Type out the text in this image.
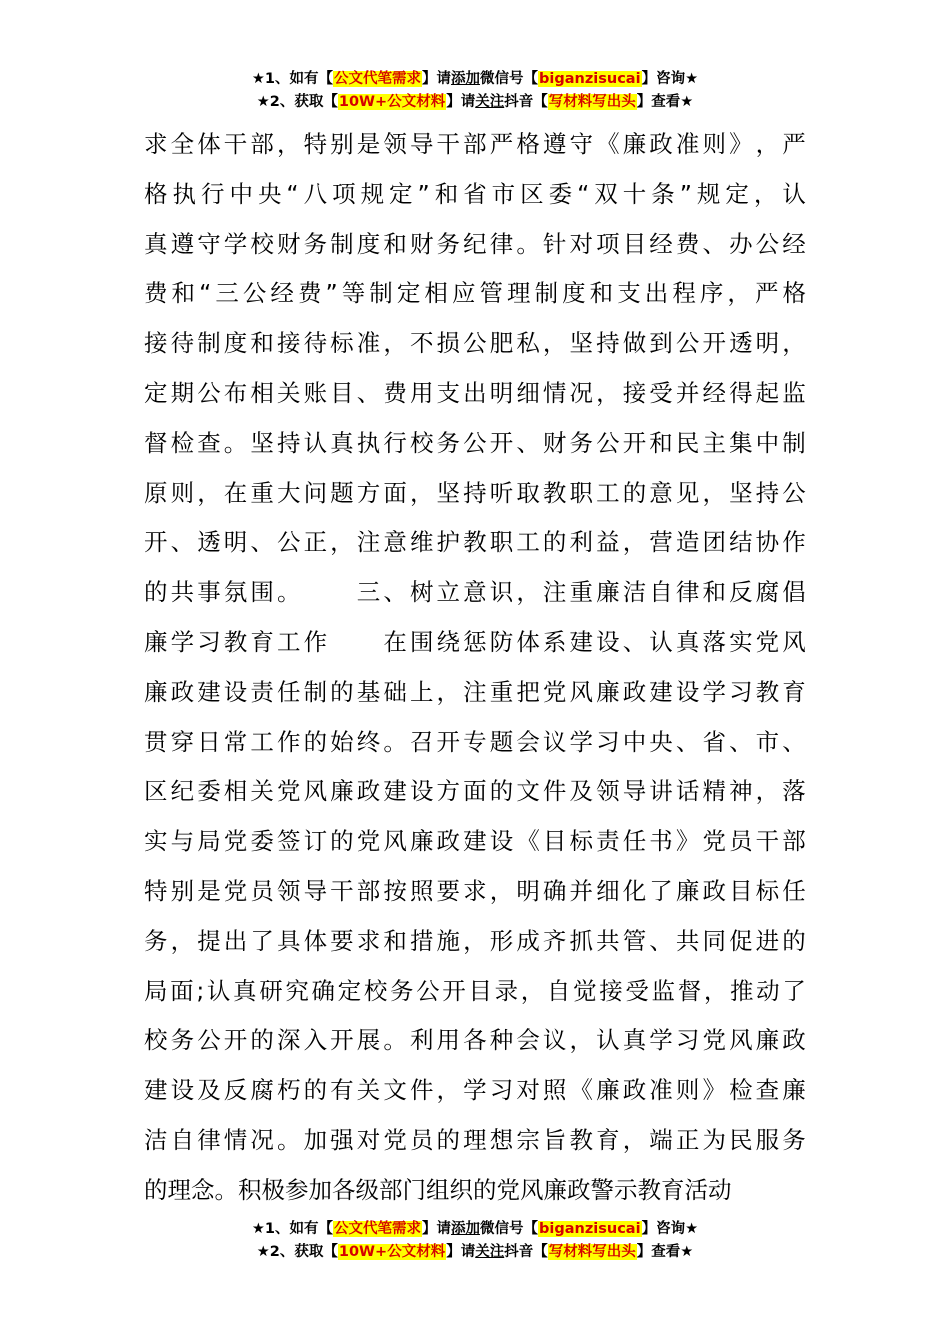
★1、如有【公文代笔需求】请添加微信号【biganzisucai】咨询★
★2、获取【10W+公文材料】请关注抖音【写材料写出头】查看★
求 全 体 干 部 ， 特 别 是 领 导 干 部 严 格 遵 守 《 廉 政 准 则 》 ， 严
格 执 行 中 央 “ 八 项 规 定 ” 和 省 市 区 委 “ 双 十 条 ” 规 定 ， 认
真 遵 守 学 校 财 务 制 度 和 财 务 纪 律 。 针 对 项 目 经 费 、 办 公 经
费 和 “ 三 公 经 费 ” 等 制 定 相 应 管 理 制 度 和 支 出 程 序 ， 严 格
接 待 制 度 和 接 待 标 准 ， 不 损 公 肥 私 ， 坚 持 做 到 公 开 透 明 ，
定 期 公 布 相 关 账 目 、 费 用 支 出 明 细 情 况 ， 接 受 并 经 得 起 监
督 检 查 。 坚 持 认 真 执 行 校 务 公 开 、 财 务 公 开 和 民 主 集 中 制
原 则 ， 在 重 大 问 题 方 面 ， 坚 持 听 取 教 职 工 的 意 见 ， 坚 持 公
开 、 透 明 、 公 正 ， 注 意 维 护 教 职 工 的 利 益 ， 营 造 团 结 协 作
的 共 事 氛 围 。

　 三 、 树 立 意 识 ， 注 重 廉 洁 自 律 和 反 腐 倡
廉 学 习 教 育 工 作

　 在 围 绕 惩 防 体 系 建 设 、 认 真 落 实 党 风
廉 政 建 设 责 任 制 的 基 础 上 ， 注 重 把 党 风 廉 政 建 设 学 习 教 育
贯 穿 日 常 工 作 的 始 终 。 召 开 专 题 会 议 学 习 中 央 、 省 、 市 、
区 纪 委 相 关 党 风 廉 政 建 设 方 面 的 文 件 及 领 导 讲 话 精 神 ， 落
实 与 局 党 委 签 订 的 党 风 廉 政 建 设 《 目 标 责 任 书 》 党 员 干 部
特 别 是 党 员 领 导 干 部 按 照 要 求 ， 明 确 并 细 化 了 廉 政 目 标 任
务 ， 提 出 了 具 体 要 求 和 措 施 ， 形 成 齐 抓 共 管 、 共 同 促 进 的
局 面 ; 认 真 研 究 确 定 校 务 公 开 目 录 ， 自 觉 接 受 监 督 ， 推 动 了
校 务 公 开 的 深 入 开 展 。 利 用 各 种 会 议 ， 认 真 学 习 党 风 廉 政
建 设 及 反 腐 朽 的 有 关 文 件 ， 学 习 对 照 《 廉 政 准 则 》 检 查 廉
洁 自 律 情 况 。 加 强 对 党 员 的 理 想 宗 旨 教 育 ， 端 正 为 民 服 务
的理念。积极参加各级部门组织的党风廉政警示教育活动
★1、如有【公文代笔需求】请添加微信号【biganzisucai】咨询★
★2、获取【10W+公文材料】请关注抖音【写材料写出头】查看★
